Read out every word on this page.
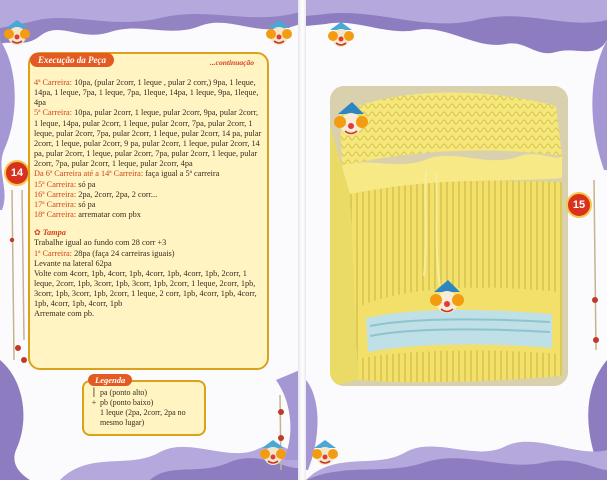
14
15
Execução da Peça	...continuação

4ª Carreira: 10pa, (pular 2corr, 1 leque , pular 2 corr,) 9pa, 1 leque, 14pa, 1 leque, 7pa, 1 leque, 7pa, 1leque, 14pa, 1 leque, 9pa, 1leque, 4pa

5ª Carreira: 10pa, pular 2corr, 1 leque, pular 2corr, 9pa, pular 2corr, 1 leque, 14pa, pular 2corr, 1 leque, pular 2corr, 7pa, pular 2corr, 1 leque, pular 2corr, 7pa, pular 2corr, 1 leque, pular 2corr, 14 pa, pular 2corr, 1 leque, pular 2corr, 9 pa, pular 2corr, 1 leque, pular 2corr, 14 pa, pular 2corr, 1 leque, pular 2corr, 7pa, pular 2corr, 1 leque, pular 2corr, 7pa, pular 2corr, 1 leque, pular 2corr, 4pa

Da 6ª Carreira até a 14ª Carreira: faça igual a 5ª carreira

15ª Carreira: só pa

16ª Carreira: 2pa, 2corr, 2pa, 2 corr...

17ª Carreira: só pa

18ª Carreira: arrematar com pbx

✿ Tampa

Trabalhe igual ao fundo com 28 corr +3

1ª Carreira: 28pa (faça 24 carreiras iguais)

Levante na lateral 62pa

Volte com 4corr, 1pb, 4corr, 1pb, 4corr, 1pb, 4corr, 1pb, 2corr, 1 leque, 2corr, 1pb, 3corr, 1pb, 3corr, 1pb, 2corr, 1 leque, 2corr, 1pb, 3corr, 1pb, 3corr, 1pb, 2corr, 1 leque, 2 corr, 1pb, 4corr, 1pb, 4corr, 1pb, 4corr, 1pb, 4corr, 1pb

Arremate com pb.

Legenda
⎮ pa (ponto alto)
+ pb (ponto baixo)
1 leque (2pa, 2corr, 2pa no mesmo lugar)
